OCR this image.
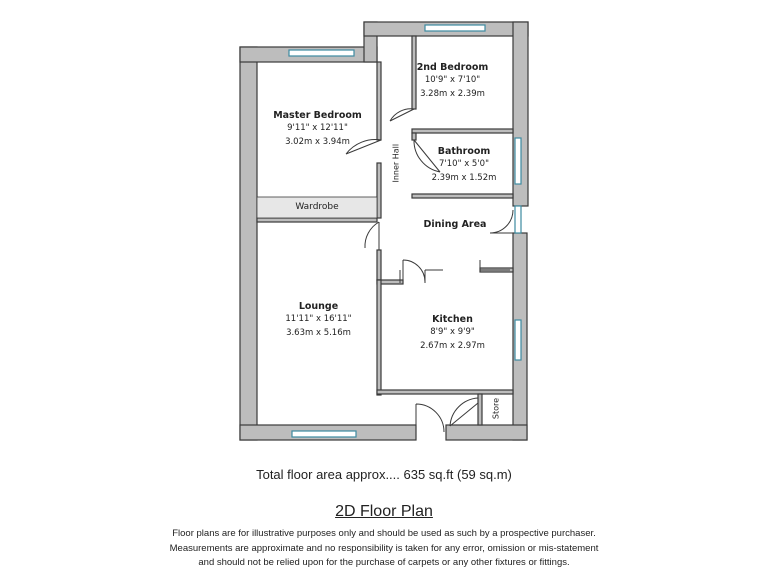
2nd Bedroom
10'9" x 7'10"
3.28m x 2.39m
Master Bedroom
9'11" x 12'11"
3.02m x 3.94m
Bathroom
7'10" x 5'0"
2.39m x 1.52m
Wardrobe
Inner Hall
Dining Area
Lounge
11'11" x 16'11"
3.63m x 5.16m
Kitchen
8'9" x 9'9"
2.67m x 2.97m
Store
Total floor area approx.... 635 sq.ft (59 sq.m)
2D Floor Plan
Floor plans are for illustrative purposes only and should be used as such by a prospective purchaser.
Measurements are approximate and no responsibility is taken for any error, omission or mis-statement
and should not be relied upon for the purchase of carpets or any other fixtures or fittings.
